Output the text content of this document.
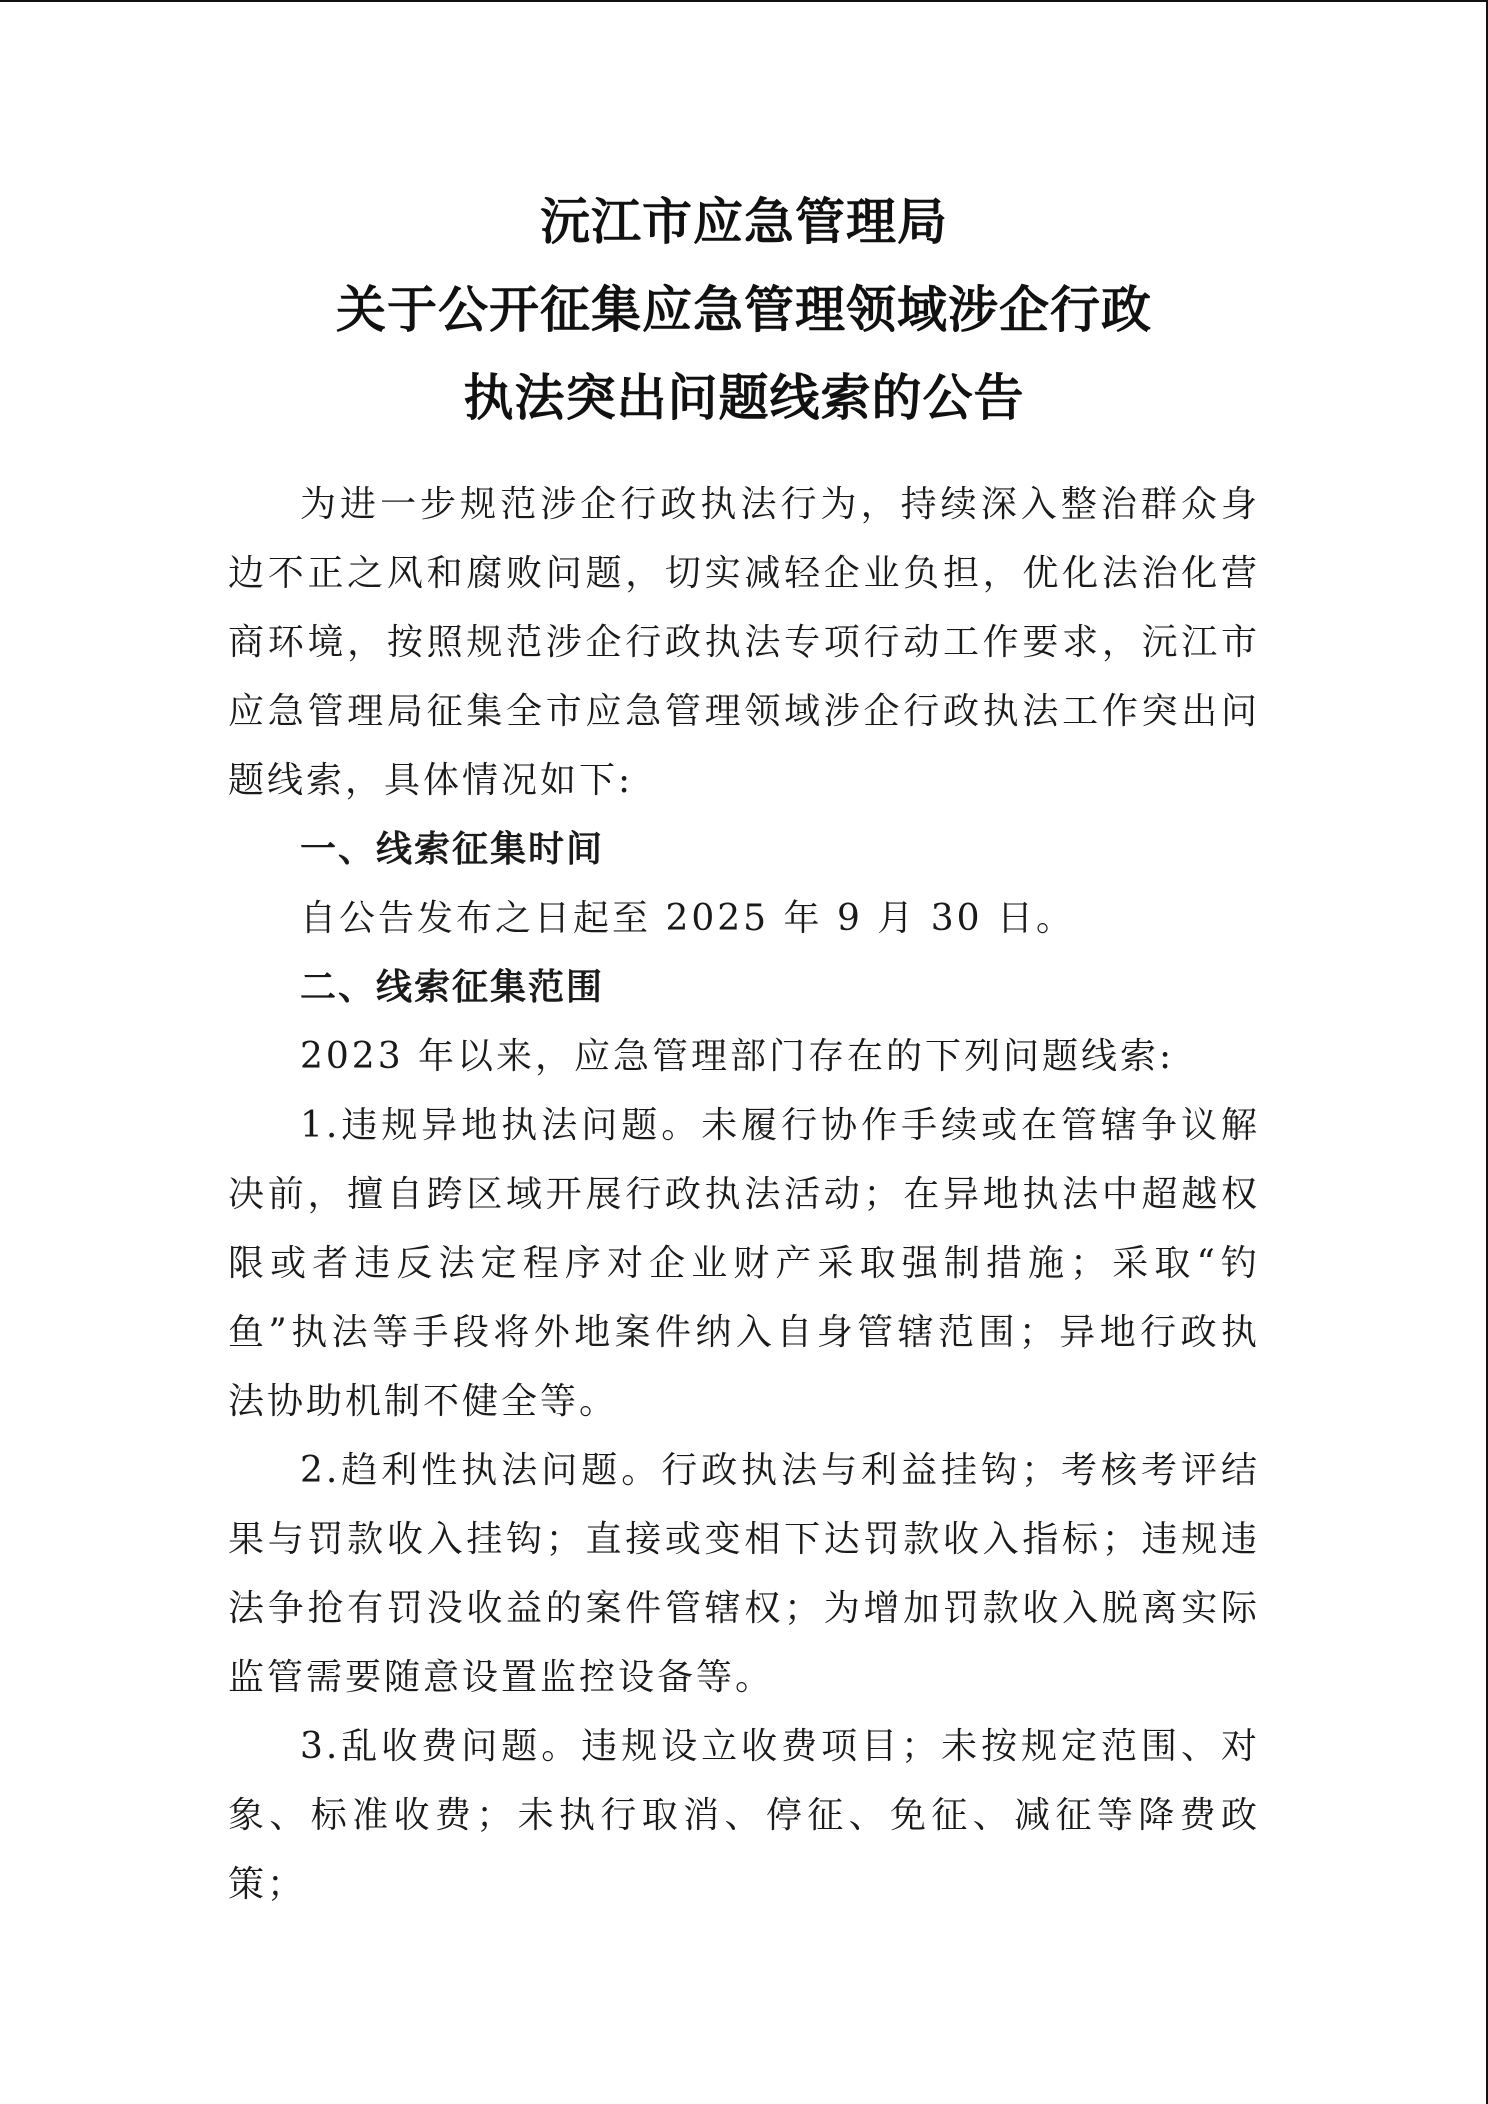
沅江市应急管理局
关于公开征集应急管理领域涉企行政
执法突出问题线索的公告

为进一步规范涉企行政执法行为，持续深入整治群众身边不正之风和腐败问题，切实减轻企业负担，优化法治化营商环境，按照规范涉企行政执法专项行动工作要求，沅江市应急管理局征集全市应急管理领域涉企行政执法工作突出问题线索，具体情况如下:

一、线索征集时间

自公告发布之日起至 2025 年 9 月 30 日。

二、线索征集范围

2023 年以来，应急管理部门存在的下列问题线索:

1.违规异地执法问题。未履行协作手续或在管辖争议解决前，擅自跨区域开展行政执法活动；在异地执法中超越权限或者违反法定程序对企业财产采取强制措施；采取“钓鱼”执法等手段将外地案件纳入自身管辖范围；异地行政执法协助机制不健全等。

2.趋利性执法问题。行政执法与利益挂钩；考核考评结果与罚款收入挂钩；直接或变相下达罚款收入指标；违规违法争抢有罚没收益的案件管辖权；为增加罚款收入脱离实际监管需要随意设置监控设备等。

3.乱收费问题。违规设立收费项目；未按规定范围、对象、标准收费；未执行取消、停征、免征、减征等降费政策；
